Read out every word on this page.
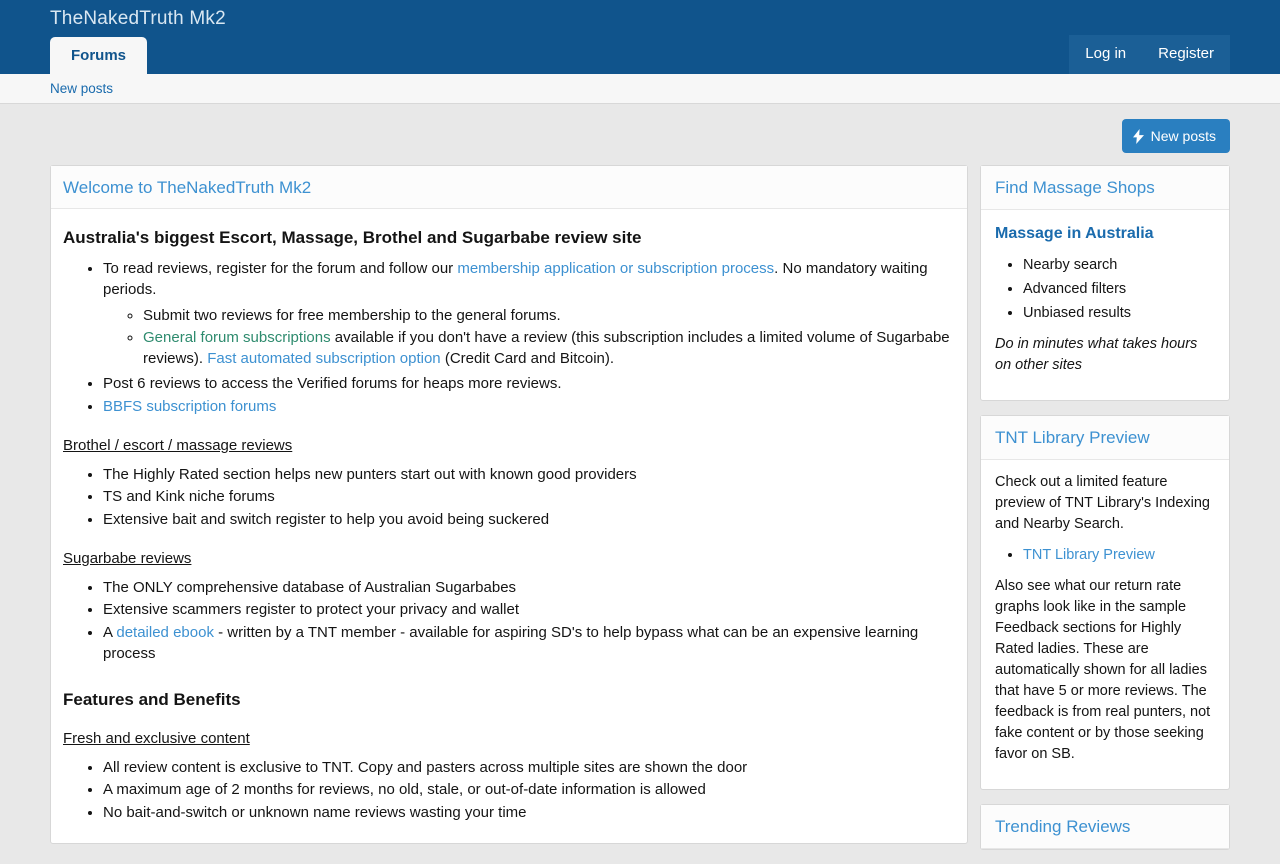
TheNakedTruth Mk2
Forums	Log in	Register
New posts
New posts
Welcome to TheNakedTruth Mk2
Australia's biggest Escort, Massage, Brothel and Sugarbabe review site
• To read reviews, register for the forum and follow our membership application or subscription process. No mandatory waiting periods.
◦ Submit two reviews for free membership to the general forums.
◦ General forum subscriptions available if you don't have a review (this subscription includes a limited volume of Sugarbabe reviews). Fast automated subscription option (Credit Card and Bitcoin).
• Post 6 reviews to access the Verified forums for heaps more reviews.
• BBFS subscription forums
Brothel / escort / massage reviews
• The Highly Rated section helps new punters start out with known good providers
• TS and Kink niche forums
• Extensive bait and switch register to help you avoid being suckered
Sugarbabe reviews
• The ONLY comprehensive database of Australian Sugarbabes
• Extensive scammers register to protect your privacy and wallet
• A detailed ebook - written by a TNT member - available for aspiring SD's to help bypass what can be an expensive learning process
Features and Benefits
Fresh and exclusive content
• All review content is exclusive to TNT. Copy and pasters across multiple sites are shown the door
• A maximum age of 2 months for reviews, no old, stale, or out-of-date information is allowed
• No bait-and-switch or unknown name reviews wasting your time
Find Massage Shops
Massage in Australia
• Nearby search
• Advanced filters
• Unbiased results

Do in minutes what takes hours on other sites

TNT Library Preview

Check out a limited feature preview of TNT Library's Indexing and Nearby Search.

• TNT Library Preview

Also see what our return rate graphs look like in the sample Feedback sections for Highly Rated ladies. These are automatically shown for all ladies that have 5 or more reviews. The feedback is from real punters, not fake content or by those seeking favor on SB.

Trending Reviews
